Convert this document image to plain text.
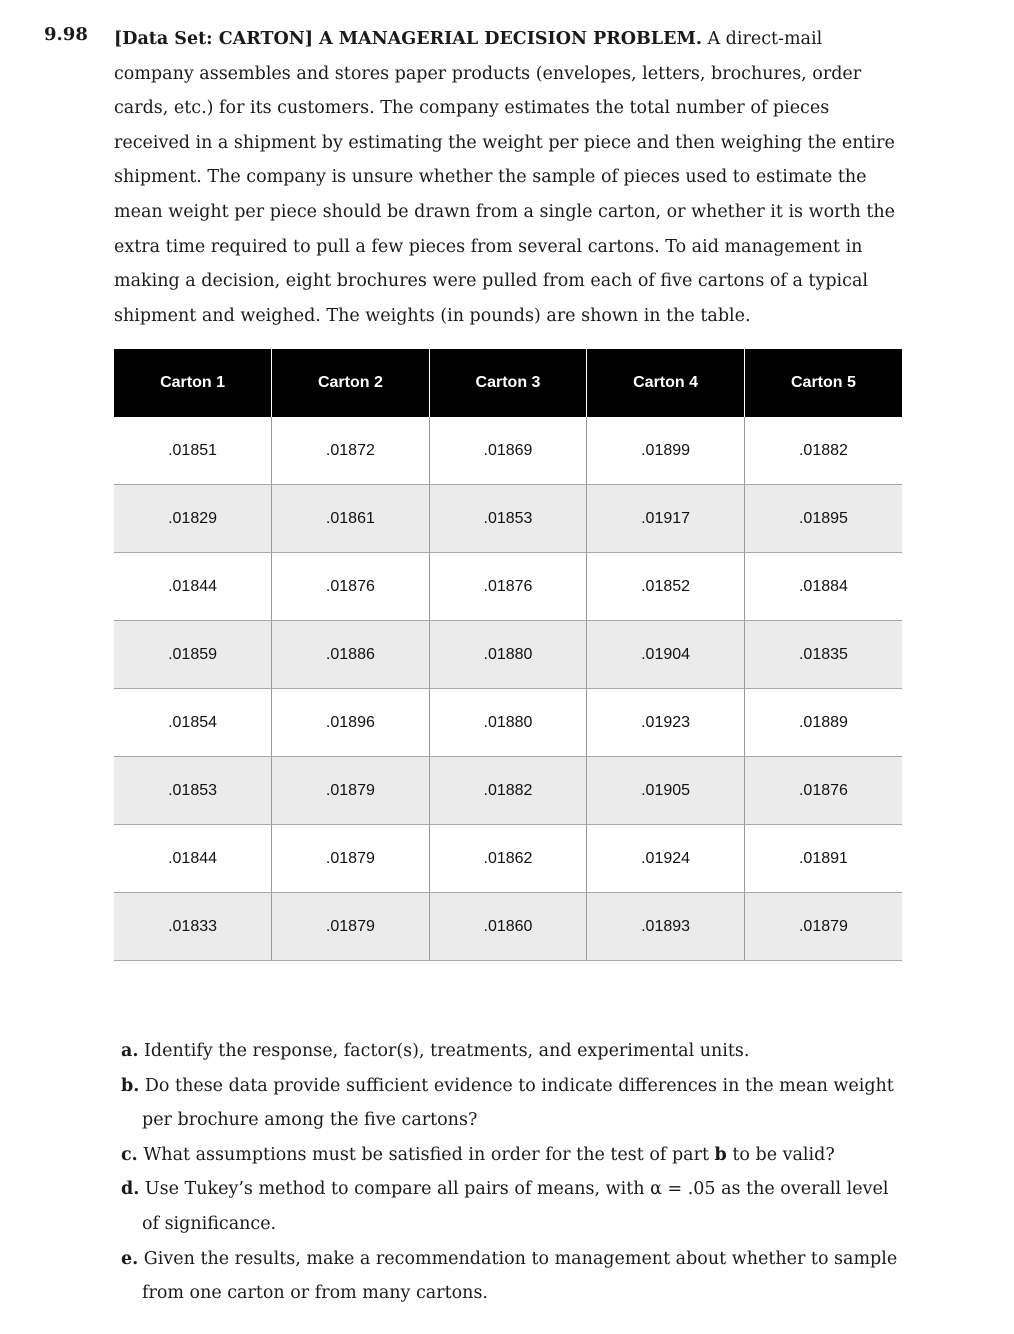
9.98 [Data Set: CARTON] A MANAGERIAL DECISION PROBLEM. A direct-mail company assembles and stores paper products (envelopes, letters, brochures, order cards, etc.) for its customers. The company estimates the total number of pieces received in a shipment by estimating the weight per piece and then weighing the entire shipment. The company is unsure whether the sample of pieces used to estimate the mean weight per piece should be drawn from a single carton, or whether it is worth the extra time required to pull a few pieces from several cartons. To aid management in making a decision, eight brochures were pulled from each of five cartons of a typical shipment and weighed. The weights (in pounds) are shown in the table.

Carton 1	Carton 2	Carton 3	Carton 4	Carton 5
.01851	.01872	.01869	.01899	.01882
.01829	.01861	.01853	.01917	.01895
.01844	.01876	.01876	.01852	.01884
.01859	.01886	.01880	.01904	.01835
.01854	.01896	.01880	.01923	.01889
.01853	.01879	.01882	.01905	.01876
.01844	.01879	.01862	.01924	.01891
.01833	.01879	.01860	.01893	.01879
a. Identify the response, factor(s), treatments, and experimental units.
b. Do these data provide sufficient evidence to indicate differences in the mean weight per brochure among the five cartons?
c. What assumptions must be satisfied in order for the test of part b to be valid?
d. Use Tukey’s method to compare all pairs of means, with α = .05 as the overall level of significance.
e. Given the results, make a recommendation to management about whether to sample from one carton or from many cartons.
